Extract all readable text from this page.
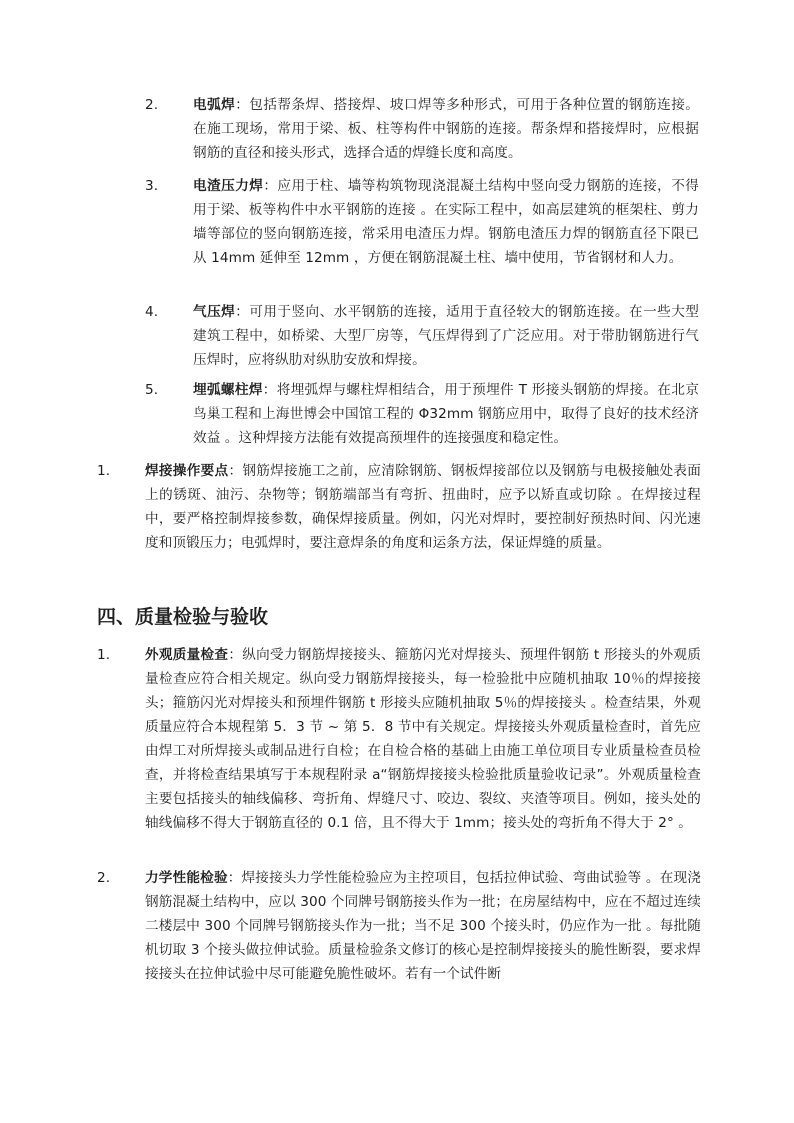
2.	电弧焊：包括帮条焊、搭接焊、坡口焊等多种形式，可用于各种位置的钢筋连接。在施工现场，常用于梁、板、柱等构件中钢筋的连接。帮条焊和搭接焊时，应根据钢筋的直径和接头形式，选择合适的焊缝长度和高度。
3.	电渣压力焊：应用于柱、墙等构筑物现浇混凝土结构中竖向受力钢筋的连接，不得用于梁、板等构件中水平钢筋的连接 。在实际工程中，如高层建筑的框架柱、剪力墙等部位的竖向钢筋连接，常采用电渣压力焊。钢筋电渣压力焊的钢筋直径下限已从 14mm 延伸至 12mm ，方便在钢筋混凝土柱、墙中使用，节省钢材和人力。
4.	气压焊：可用于竖向、水平钢筋的连接，适用于直径较大的钢筋连接。在一些大型建筑工程中，如桥梁、大型厂房等，气压焊得到了广泛应用。对于带肋钢筋进行气压焊时，应将纵肋对纵肋安放和焊接。
5.	埋弧螺柱焊：将埋弧焊与螺柱焊相结合，用于预埋件 T 形接头钢筋的焊接。在北京鸟巢工程和上海世博会中国馆工程的 Φ32mm 钢筋应用中，取得了良好的技术经济效益 。这种焊接方法能有效提高预埋件的连接强度和稳定性。
1.	焊接操作要点：钢筋焊接施工之前，应清除钢筋、钢板焊接部位以及钢筋与电极接触处表面上的锈斑、油污、杂物等；钢筋端部当有弯折、扭曲时，应予以矫直或切除 。在焊接过程中，要严格控制焊接参数，确保焊接质量。例如，闪光对焊时，要控制好预热时间、闪光速度和顶锻压力；电弧焊时，要注意焊条的角度和运条方法，保证焊缝的质量。
四、质量检验与验收
1.	外观质量检查：纵向受力钢筋焊接接头、箍筋闪光对焊接头、预埋件钢筋 t 形接头的外观质量检查应符合相关规定。纵向受力钢筋焊接接头，每一检验批中应随机抽取 10％的焊接接头；箍筋闪光对焊接头和预埋件钢筋 t 形接头应随机抽取 5％的焊接接头 。检查结果，外观质量应符合本规程第 5．3 节 ~ 第 5．8 节中有关规定。焊接接头外观质量检查时，首先应由焊工对所焊接头或制品进行自检；在自检合格的基础上由施工单位项目专业质量检查员检查，并将检查结果填写于本规程附录 a“钢筋焊接接头检验批质量验收记录”。外观质量检查主要包括接头的轴线偏移、弯折角、焊缝尺寸、咬边、裂纹、夹渣等项目。例如，接头处的轴线偏移不得大于钢筋直径的 0.1 倍，且不得大于 1mm；接头处的弯折角不得大于 2° 。
2.	力学性能检验：焊接接头力学性能检验应为主控项目，包括拉伸试验、弯曲试验等 。在现浇钢筋混凝土结构中，应以 300 个同牌号钢筋接头作为一批；在房屋结构中，应在不超过连续二楼层中 300 个同牌号钢筋接头作为一批；当不足 300 个接头时，仍应作为一批 。每批随机切取 3 个接头做拉伸试验。质量检验条文修订的核心是控制焊接接头的脆性断裂，要求焊接接头在拉伸试验中尽可能避免脆性破坏。若有一个试件断
